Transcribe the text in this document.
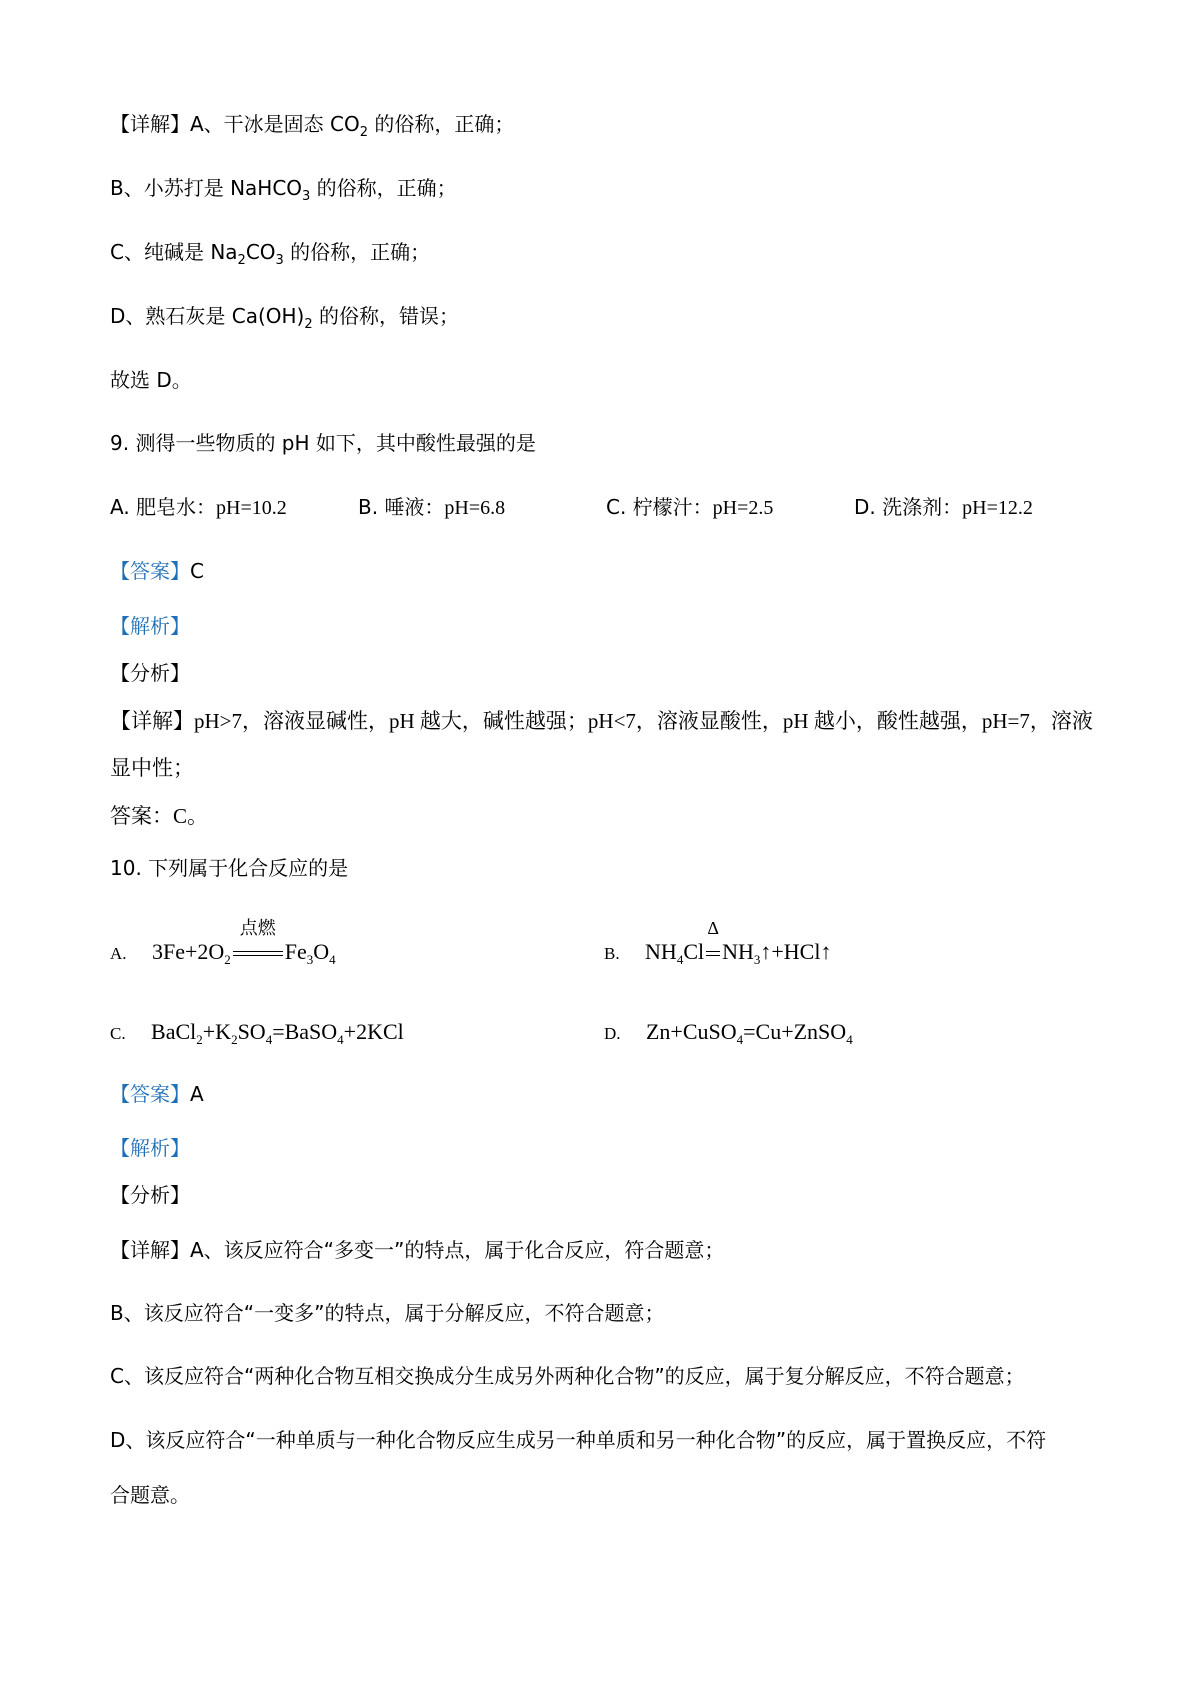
【详解】A、干冰是固态 $CO_2$ 的俗称，正确；
B、小苏打是 NaHCO$_3$ 的俗称，正确；
C、纯碱是 $Na_2CO_3$ 的俗称，正确；
D、熟石灰是 $Ca(OH)_2$ 的俗称，错误；
故选 D。
9. 测得一些物质的 pH 如下，其中酸性最强的是
A. 肥皂水：pH=10.2	B. 唾液：pH=6.8	C. 柠檬汁：pH=2.5	D. 洗涤剂：pH=12.2
【答案】C
【解析】
【分析】
【详解】pH>7，溶液显碱性，pH 越大，碱性越强；pH<7，溶液显酸性，pH 越小，酸性越强，pH=7，溶液
显中性；
答案：C。
10. 下列属于化合反应的是
A. $3Fe+2O_2$
点燃
$Fe_3O_4$	B. $NH_4Cl$
Δ
$NH_3↑+HCl↑$
C. $BaCl_2+K_2SO_4=BaSO_4+2KCl$	D. Zn+CuSO$_4$=Cu+ZnSO$_4$
【答案】A
【解析】
【分析】
【详解】A、该反应符合“多变一”的特点，属于化合反应，符合题意；
B、该反应符合“一变多”的特点，属于分解反应，不符合题意；
C、该反应符合“两种化合物互相交换成分生成另外两种化合物”的反应，属于复分解反应，不符合题意；
D、该反应符合“一种单质与一种化合物反应生成另一种单质和另一种化合物”的反应，属于置换反应，不符
合题意。
